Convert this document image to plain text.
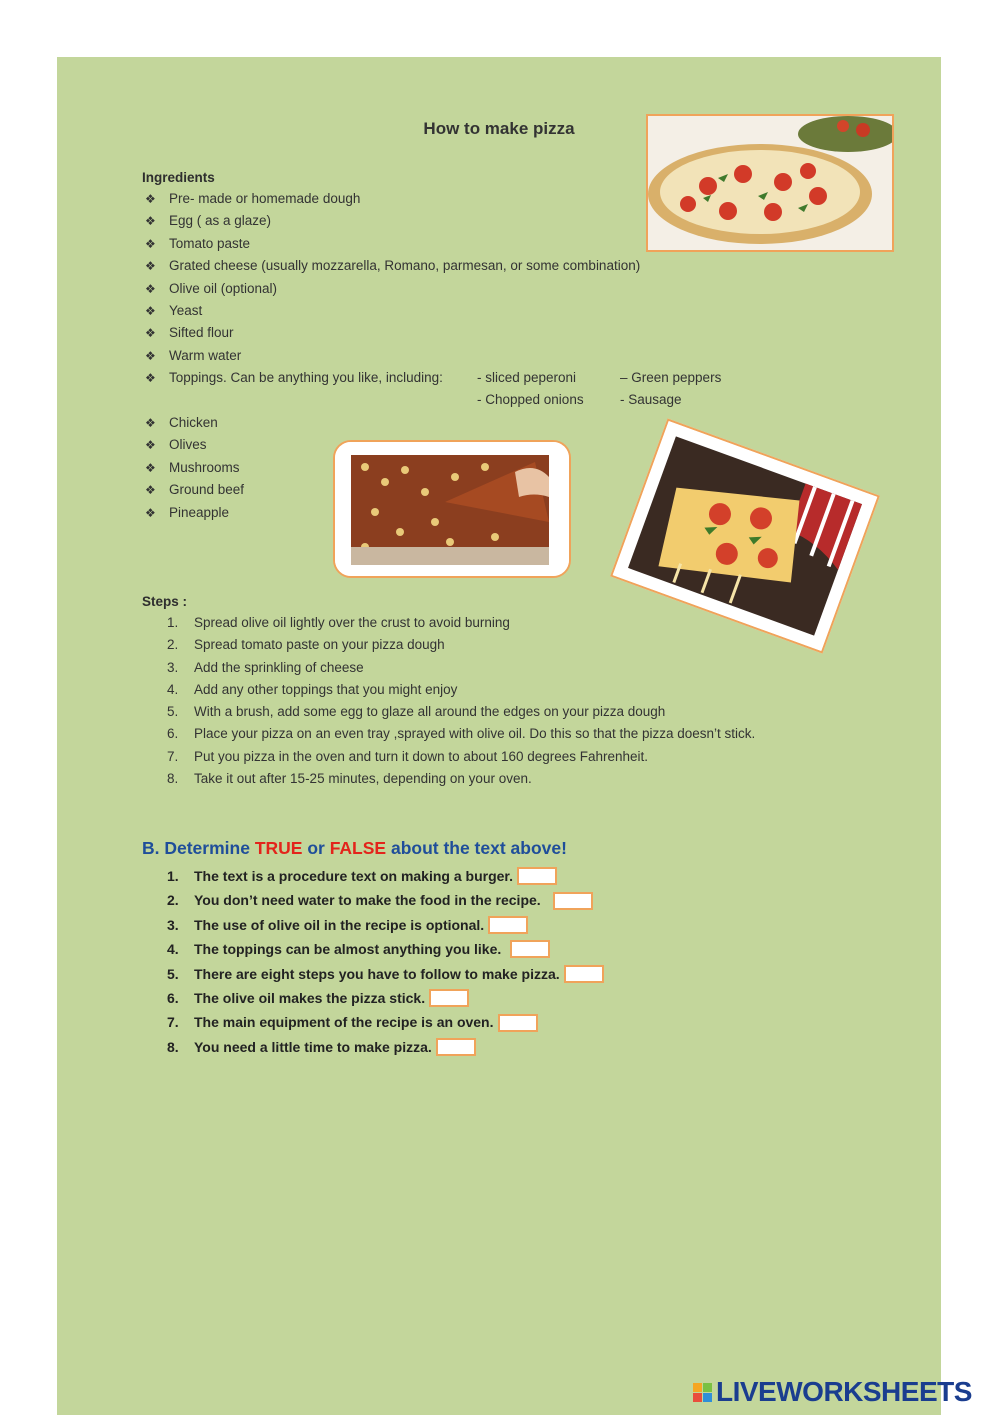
How to make pizza
Ingredients
❖ Pre- made or homemade dough
❖ Egg ( as a glaze)
❖ Tomato paste
❖ Grated cheese (usually mozzarella, Romano, parmesan, or some combination)
❖ Olive oil (optional)
❖ Yeast
❖ Sifted flour
❖ Warm water
❖ Toppings. Can be anything you like, including:	- sliced peperoni
- Chopped onions
– Green peppers
- Sausage
❖ Chicken
❖ Olives
❖ Mushrooms
❖ Ground beef
❖ Pineapple
Steps :
1. Spread olive oil lightly over the crust to avoid burning
2. Spread tomato paste on your pizza dough
3. Add the sprinkling of cheese
4. Add any other toppings that you might enjoy
5. With a brush, add some egg to glaze all around the edges on your pizza dough
6. Place your pizza on an even tray ,sprayed with olive oil. Do this so that the pizza doesn’t stick.
7. Put you pizza in the oven and turn it down to about 160 degrees Fahrenheit.
8. Take it out after 15-25 minutes, depending on your oven.
B. Determine TRUE or FALSE about the text above!
1.	The text is a procedure text on making a burger.
2.	You don’t need water to make the food in the recipe.
3.	The use of olive oil in the recipe is optional.
4.	The toppings can be almost anything you like.
5.	There are eight steps you have to follow to make pizza.
6.	The olive oil makes the pizza stick.
7.	The main equipment of the recipe is an oven.
8.	You need a little time to make pizza.
LIVEWORKSHEETS
